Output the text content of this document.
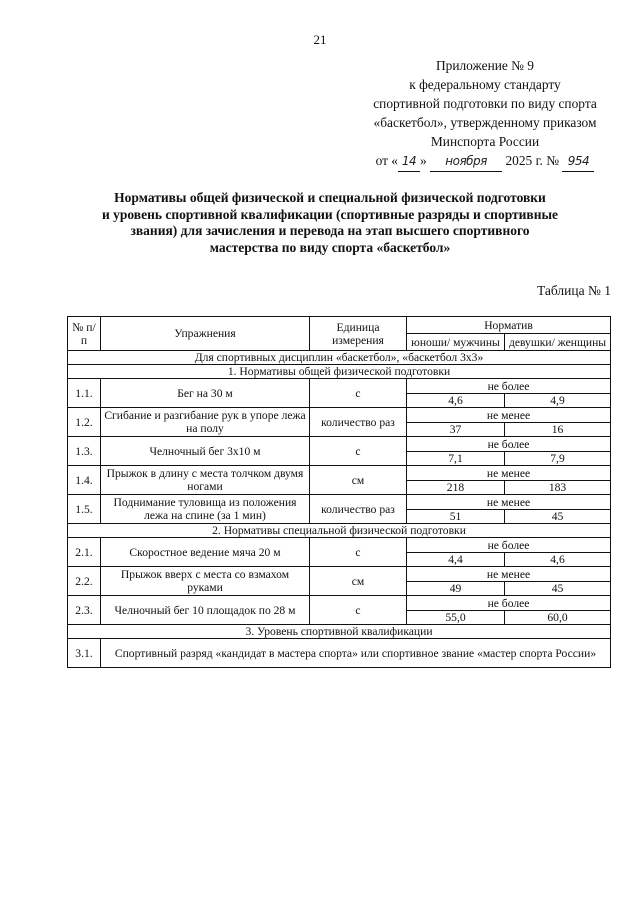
21
Приложение № 9
к федеральному стандарту
спортивной подготовки по виду спорта
«баскетбол», утвержденному приказом
Минспорта России
от « 14 » ноября 2025 г. № 954
Нормативы общей физической и специальной физической подготовки
и уровень спортивной квалификации (спортивные разряды и спортивные
звания) для зачисления и перевода на этап высшего спортивного
мастерства по виду спорта «баскетбол»
Таблица № 1
№ п/п	Упражнения	Единица измерения	Норматив	
			юноши/ мужчины	девушки/ женщины
Для спортивных дисциплин «баскетбол», «баскетбол 3х3»				
1. Нормативы общей физической подготовки				
1.1.	Бег на 30 м	с	не более	
			4,6	4,9
1.2.	Сгибание и разгибание рук в упоре лежа на полу	количество раз	не менее	
			37	16
1.3.	Челночный бег 3х10 м	с	не более	
			7,1	7,9
1.4.	Прыжок в длину с места толчком двумя ногами	см	не менее	
			218	183
1.5.	Поднимание туловища из положения лежа на спине (за 1 мин)	количество раз	не менее	
			51	45
2. Нормативы специальной физической подготовки				
2.1.	Скоростное ведение мяча 20 м	с	не более	
			4,4	4,6
2.2.	Прыжок вверх с места со взмахом руками	см	не менее	
			49	45
2.3.	Челночный бег 10 площадок по 28 м	с	не более	
			55,0	60,0
3. Уровень спортивной квалификации				
3.1.	Спортивный разряд «кандидат в мастера спорта» или спортивное звание «мастер спорта России»			
